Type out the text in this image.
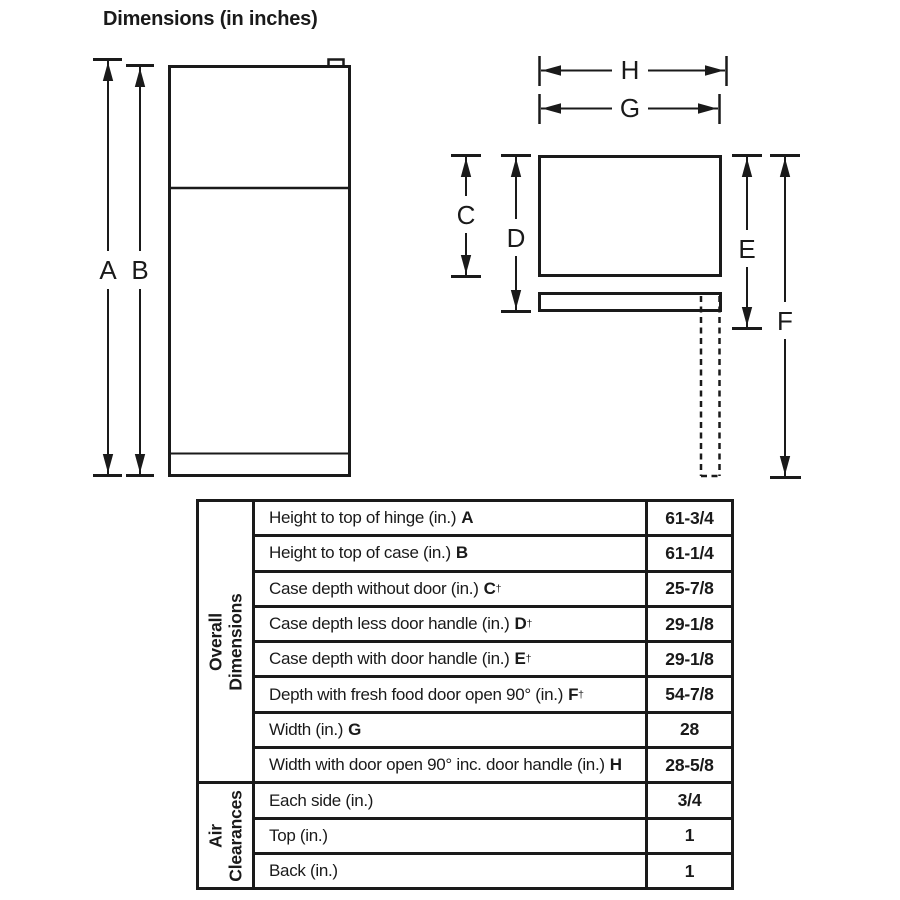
Dimensions (in inches)
A B
H
G
C
D	E
F
Overall Dimensions
Height to top of hinge (in.) A	61-3/4
Height to top of case (in.) B	61-1/4
Case depth without door (in.) C †	25-7/8
Case depth less door handle (in.) D †	29-1/8
Case depth with door handle (in.) E †	29-1/8
Depth with fresh food door open 90° (in.) F †	54-7/8
Width (in.) G	28
Width with door open 90° inc. door handle (in.) H	28-5/8
Air Clearances Each side (in.)	3/4
Top (in.)	1
Back (in.)	1
